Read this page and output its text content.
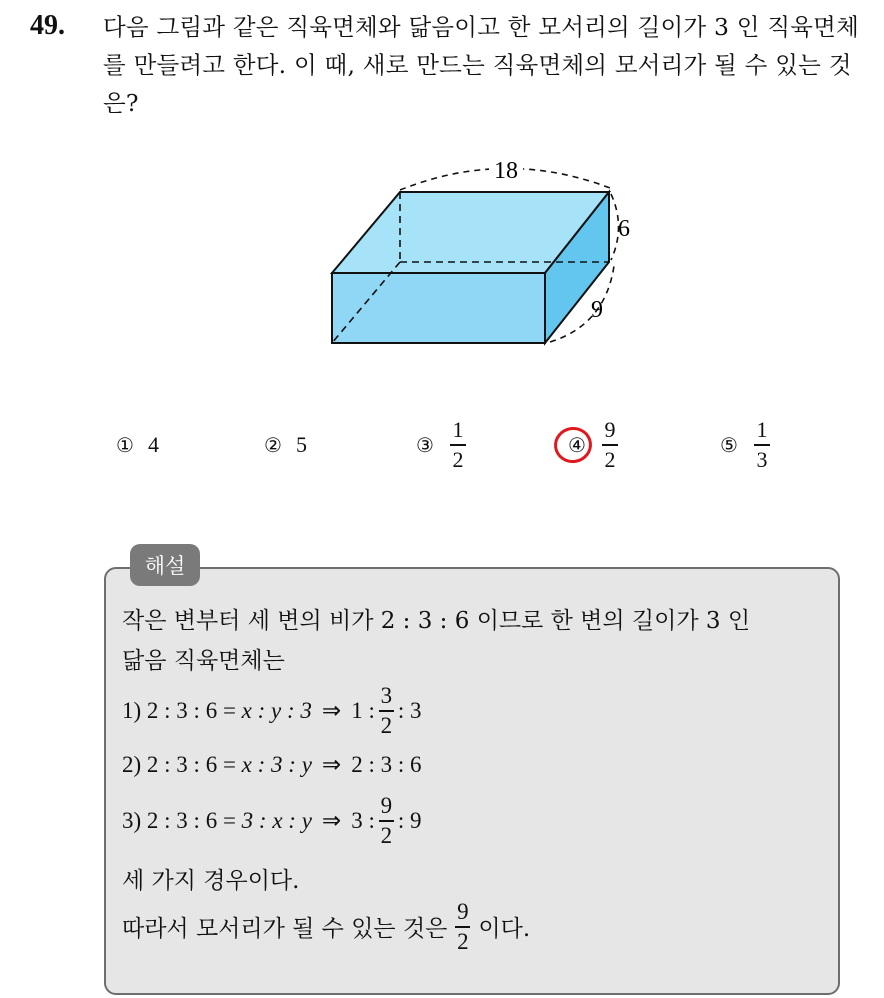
49. 다음 그림과 같은 직육면체와 닮음이고 한 모서리의 길이가 3 인 직육면체를 만들려고 한다. 이 때, 새로 만드는 직육면체의 모서리가 될 수 있는 것은?
18
6
9
① 4	② 5	③ $\frac{1}{2}$	④ $\frac{9}{2}$	⑤ $\frac{1}{3}$
해설
작은 변부터 세 변의 비가 2 : 3 : 6 이므로 한 변의 길이가 3 인
닮음 직육면체는
1) 2 : 3 : 6 = x : y : 3 ⇒ 1 :
3
2
: 3
2) 2 : 3 : 6 = x : 3 : y ⇒ 2 : 3 : 6
3) 2 : 3 : 6 = 3 : x : y ⇒ 3 :
9
2
: 9
세 가지 경우이다.
따라서 모서리가 될 수 있는 것은
9
2 이다.
